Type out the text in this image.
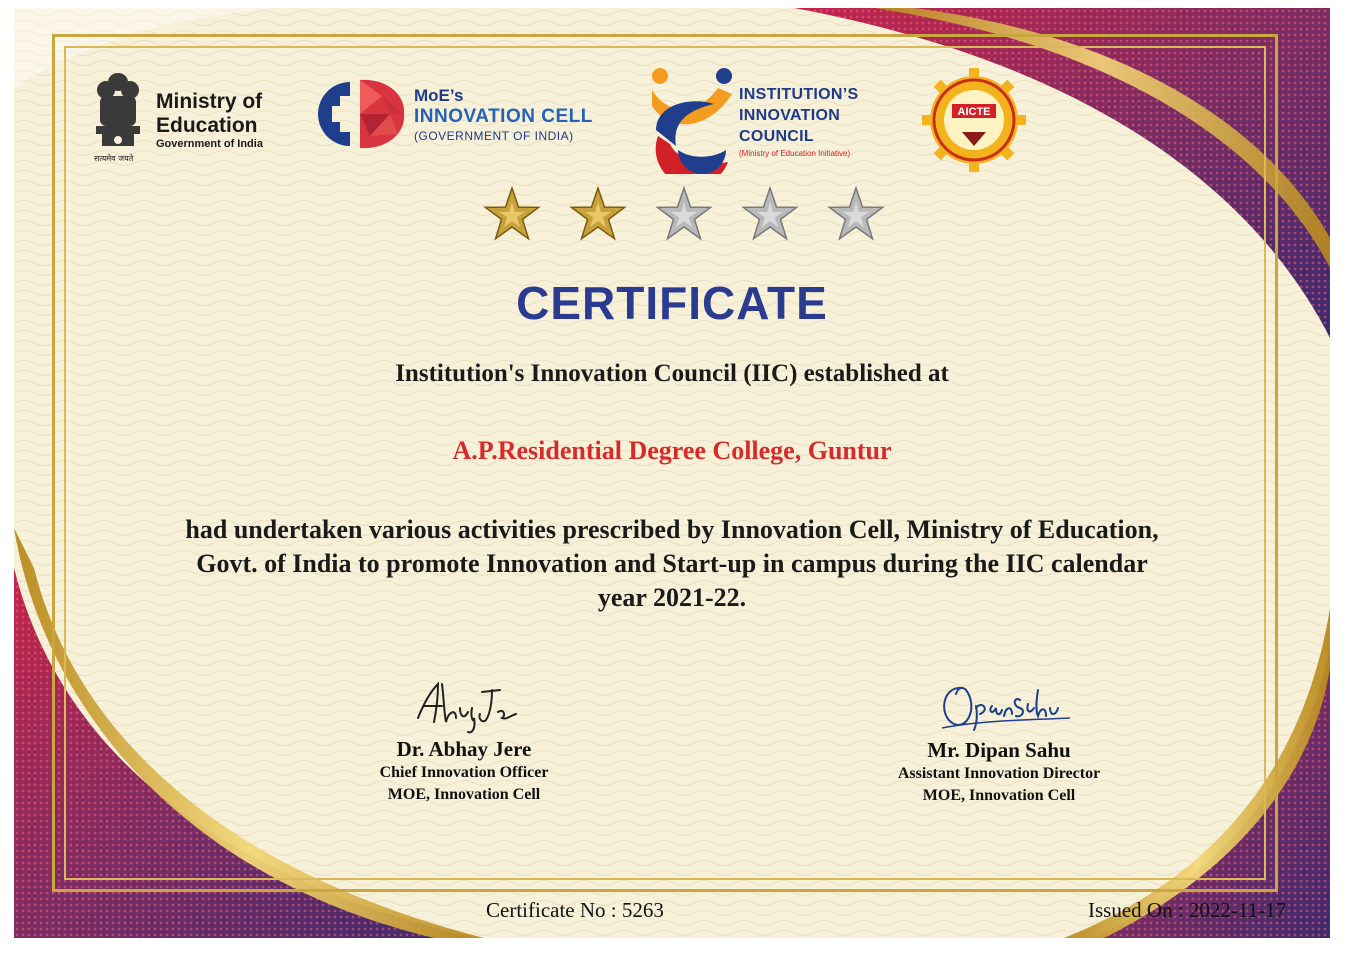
सत्यमेव जयते
Ministry of
Education
Government of India
MoE’s
INNOVATION CELL
(GOVERNMENT OF INDIA)
INSTITUTION’S
INNOVATION
COUNCIL
(Ministry of Education Initiative)
AICTE
CERTIFICATE
Institution's Innovation Council (IIC) established at
A.P.Residential Degree College, Guntur
had undertaken various activities prescribed by Innovation Cell, Ministry of Education, Govt. of India to promote Innovation and Start-up in campus during the IIC calendar year 2021-22.
Dr. Abhay Jere
Chief Innovation Officer
MOE, Innovation Cell
Mr. Dipan Sahu
Assistant Innovation Director
MOE, Innovation Cell
Certificate No : 5263	Issued On : 2022-11-17
